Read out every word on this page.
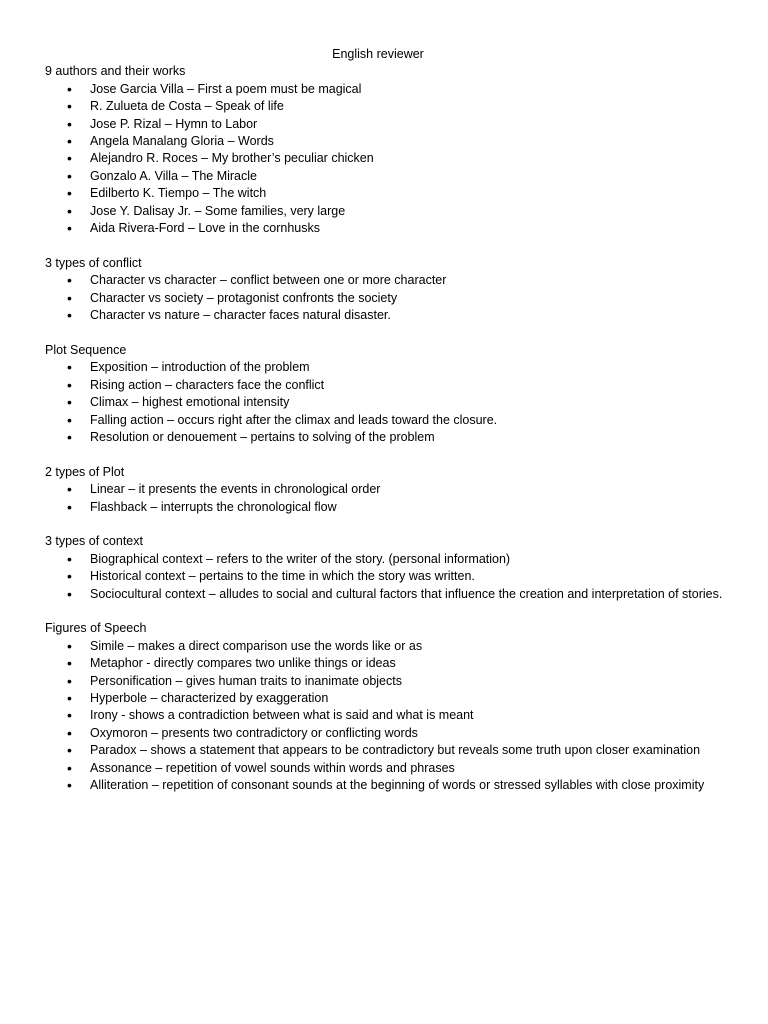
English reviewer
9 authors and their works
• Jose Garcia Villa – First a poem must be magical
• R. Zulueta de Costa – Speak of life
• Jose P. Rizal – Hymn to Labor
• Angela Manalang Gloria – Words
• Alejandro R. Roces – My brother’s peculiar chicken
• Gonzalo A. Villa – The Miracle
• Edilberto K. Tiempo – The witch
• Jose Y. Dalisay Jr. – Some families, very large
• Aida Rivera-Ford – Love in the cornhusks
3 types of conflict
• Character vs character – conflict between one or more character
• Character vs society – protagonist confronts the society
• Character vs nature – character faces natural disaster.
Plot Sequence
• Exposition – introduction of the problem
• Rising action – characters face the conflict
• Climax – highest emotional intensity
• Falling action – occurs right after the climax and leads toward the closure.
• Resolution or denouement – pertains to solving of the problem
2 types of Plot
• Linear – it presents the events in chronological order
• Flashback – interrupts the chronological flow
3 types of context
• Biographical context – refers to the writer of the story. (personal information)
• Historical context – pertains to the time in which the story was written.
• Sociocultural context – alludes to social and cultural factors that influence the creation and interpretation of stories.
Figures of Speech
• Simile – makes a direct comparison use the words like or as
• Metaphor - directly compares two unlike things or ideas
• Personification – gives human traits to inanimate objects
• Hyperbole – characterized by exaggeration
• Irony - shows a contradiction between what is said and what is meant
• Oxymoron – presents two contradictory or conflicting words
• Paradox – shows a statement that appears to be contradictory but reveals some truth upon closer examination
• Assonance – repetition of vowel sounds within words and phrases
• Alliteration – repetition of consonant sounds at the beginning of words or stressed syllables with close proximity
